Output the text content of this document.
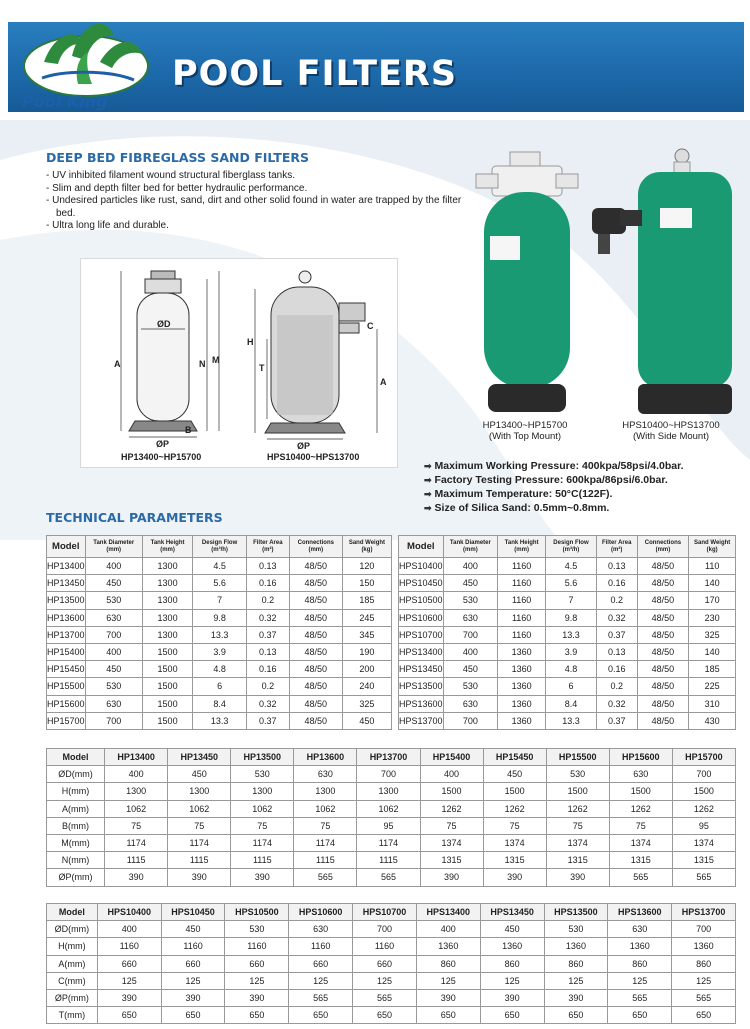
Pool King
POOL FILTERS
DEEP BED FIBREGLASS SAND FILTERS
- UV inhibited filament wound structural fiberglass tanks.
- Slim and depth filter bed for better hydraulic performance.
- Undesired particles like rust, sand, dirt and other solid found in water are trapped by the filter bed.
- Ultra long life and durable.
ØD
A	N M
B
ØP
H
T
C
A
ØP
HP13400~HP15700	HPS10400~HPS13700
HP13400~HP15700
(With Top Mount)
HPS10400~HPS13700
(With Side Mount)
➡ Maximum Working Pressure: 400kpa/58psi/4.0bar.
➡ Factory Testing Pressure: 600kpa/86psi/6.0bar.
➡ Maximum Temperature: 50°C(122F).
➡ Size of Silica Sand: 0.5mm~0.8mm.
TECHNICAL PARAMETERS
Model	Tank Diameter (mm)	Tank Height (mm)	Design Flow (m³/h)	Filter Area (m²)	Connections (mm)	Sand Weight (kg)
HP13400	400	1300	4.5	0.13	48/50	120
HP13450	450	1300	5.6	0.16	48/50	150
HP13500	530	1300	7	0.2	48/50	185
HP13600	630	1300	9.8	0.32	48/50	245
HP13700	700	1300	13.3	0.37	48/50	345
HP15400	400	1500	3.9	0.13	48/50	190
HP15450	450	1500	4.8	0.16	48/50	200
HP15500	530	1500	6	0.2	48/50	240
HP15600	630	1500	8.4	0.32	48/50	325
HP15700	700	1500	13.3	0.37	48/50	450
Model	Tank Diameter (mm)	Tank Height (mm)	Design Flow (m³/h)	Filter Area (m²)	Connections (mm)	Sand Weight (kg)
HPS10400	400	1160	4.5	0.13	48/50	110
HPS10450	450	1160	5.6	0.16	48/50	140
HPS10500	530	1160	7	0.2	48/50	170
HPS10600	630	1160	9.8	0.32	48/50	230
HPS10700	700	1160	13.3	0.37	48/50	325
HPS13400	400	1360	3.9	0.13	48/50	140
HPS13450	450	1360	4.8	0.16	48/50	185
HPS13500	530	1360	6	0.2	48/50	225
HPS13600	630	1360	8.4	0.32	48/50	310
HPS13700	700	1360	13.3	0.37	48/50	430
Model	HP13400	HP13450	HP13500	HP13600	HP13700	HP15400	HP15450	HP15500	HP15600	HP15700
ØD(mm)	400	450	530	630	700	400	450	530	630	700
H(mm)	1300	1300	1300	1300	1300	1500	1500	1500	1500	1500
A(mm)	1062	1062	1062	1062	1062	1262	1262	1262	1262	1262
B(mm)	75	75	75	75	95	75	75	75	75	95
M(mm)	1174	1174	1174	1174	1174	1374	1374	1374	1374	1374
N(mm)	1115	1115	1115	1115	1115	1315	1315	1315	1315	1315
ØP(mm)	390	390	390	565	565	390	390	390	565	565
Model	HPS10400	HPS10450	HPS10500	HPS10600	HPS10700	HPS13400	HPS13450	HPS13500	HPS13600	HPS13700
ØD(mm)	400	450	530	630	700	400	450	530	630	700
H(mm)	1160	1160	1160	1160	1160	1360	1360	1360	1360	1360
A(mm)	660	660	660	660	660	860	860	860	860	860
C(mm)	125	125	125	125	125	125	125	125	125	125
ØP(mm)	390	390	390	565	565	390	390	390	565	565
T(mm)	650	650	650	650	650	650	650	650	650	650
